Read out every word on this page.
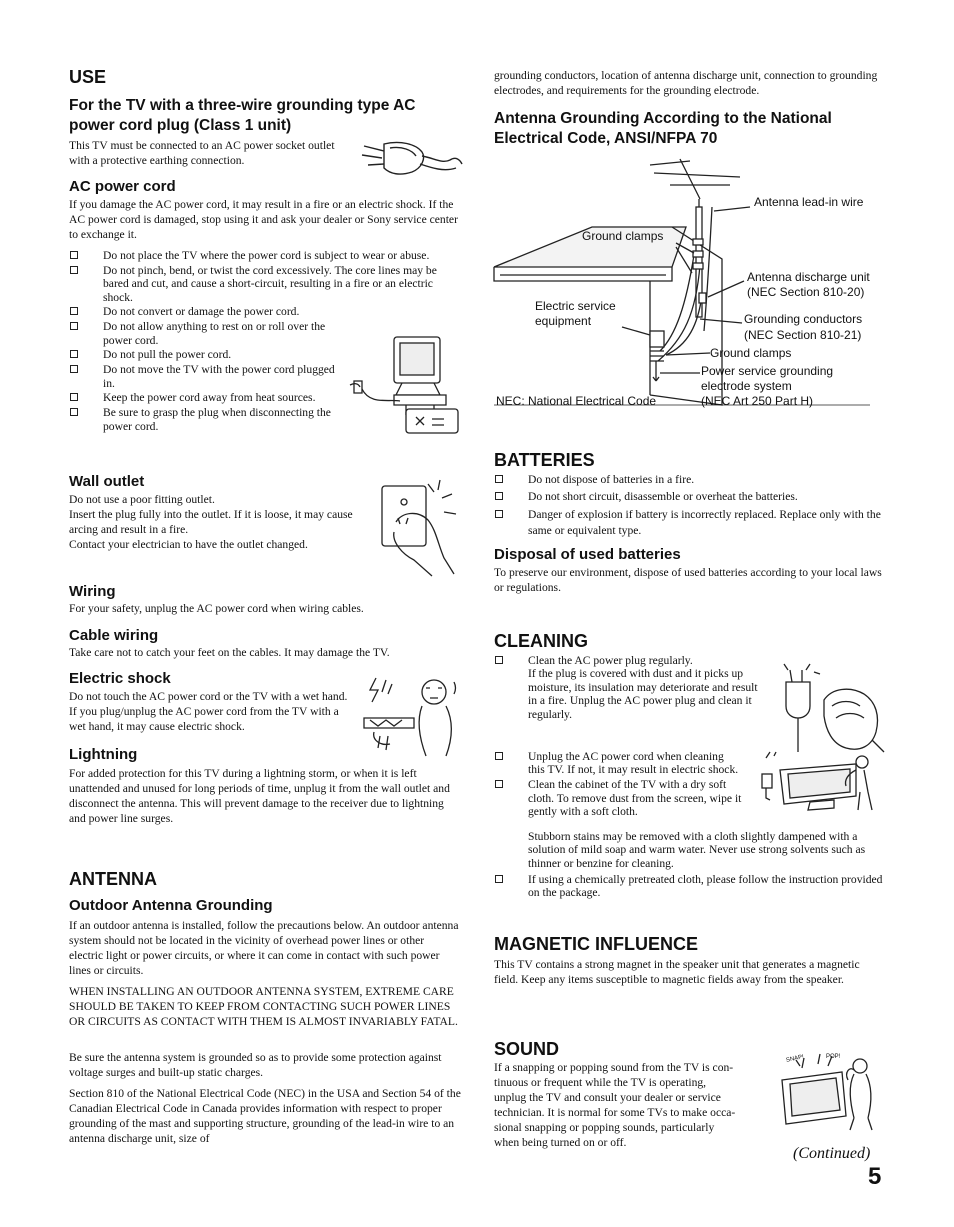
USE
For the TV with a three-wire grounding type AC power cord plug (Class 1 unit)

This TV must be connected to an AC power socket outlet with a protective earthing connection.

AC power cord

If you damage the AC power cord, it may result in a fire or an electric shock. If the AC power cord is damaged, stop using it and ask your dealer or Sony service center to exchange it.

Do not place the TV where the power cord is subject to wear or abuse.
Do not pinch, bend, or twist the cord excessively. The core lines may be bared and cut, and cause a short-circuit, resulting in a fire or an electric shock.
Do not convert or damage the power cord.
Do not allow anything to rest on or roll over the power cord.
Do not pull the power cord.
Do not move the TV with the power cord plugged in.
Keep the power cord away from heat sources.
Be sure to grasp the plug when disconnecting the power cord.
Wall outlet

Do not use a poor fitting outlet.

Insert the plug fully into the outlet. If it is loose, it may cause arcing and result in a fire.

Contact your electrician to have the outlet changed.

Wiring

For your safety, unplug the AC power cord when wiring cables.

Cable wiring

Take care not to catch your feet on the cables. It may damage the TV.

Electric shock

Do not touch the AC power cord or the TV with a wet hand. If you plug/unplug the AC power cord from the TV with a wet hand, it may cause electric shock.

Lightning

For added protection for this TV during a lightning storm, or when it is left unattended and unused for long periods of time, unplug it from the wall outlet and disconnect the antenna. This will prevent damage to the receiver due to lightning and power line surges.

ANTENNA
Outdoor Antenna Grounding

If an outdoor antenna is installed, follow the precautions below. An outdoor antenna system should not be located in the vicinity of overhead power lines or other electric light or power circuits, or where it can come in contact with such power lines or circuits.

WHEN INSTALLING AN OUTDOOR ANTENNA SYSTEM, EXTREME CARE SHOULD BE TAKEN TO KEEP FROM CONTACTING SUCH POWER LINES OR CIRCUITS AS CONTACT WITH THEM IS ALMOST INVARIABLY FATAL.

Be sure the antenna system is grounded so as to provide some protection against voltage surges and built-up static charges.

Section 810 of the National Electrical Code (NEC) in the USA and Section 54 of the Canadian Electrical Code in Canada provides information with respect to proper grounding of the mast and supporting structure, grounding of the lead-in wire to an antenna discharge unit, size of

grounding conductors, location of antenna discharge unit, connection to grounding electrodes, and requirements for the grounding electrode.

Antenna Grounding According to the National Electrical Code, ANSI/NFPA 70
Antenna lead-in wire
Ground clamps
Antenna discharge unit
(NEC Section 810-20)
Electric service
equipment	Grounding conductors
(NEC Section 810-21)
Ground clamps
Power service grounding
electrode system
(NEC Art 250 Part H)
NEC: National Electrical Code
BATTERIES
Do not dispose of batteries in a fire.
Do not short circuit, disassemble or overheat the batteries.
Danger of explosion if battery is incorrectly replaced. Replace only with the same or equivalent type.
Disposal of used batteries

To preserve our environment, dispose of used batteries according to your local laws or regulations.

CLEANING
Clean the AC power plug regularly.
If the plug is covered with dust and it picks up moisture, its insulation may deteriorate and result in a fire. Unplug the AC power plug and clean it regularly.
Unplug the AC power cord when cleaning this TV. If not, it may result in electric shock.
Clean the cabinet of the TV with a dry soft cloth. To remove dust from the screen, wipe it gently with a soft cloth.

Stubborn stains may be removed with a cloth slightly dampened with a solution of mild soap and warm water. Never use strong solvents such as thinner or benzine for cleaning.

If using a chemically pretreated cloth, please follow the instruction provided on the package.
MAGNETIC INFLUENCE

This TV contains a strong magnet in the speaker unit that generates a magnetic field. Keep any items susceptible to magnetic fields away from the speaker.

SOUND
If a snapping or popping sound from the TV is con-
tinuous or frequent while the TV is operating,
unplug the TV and consult your dealer or service
technician. It is normal for some TVs to make occa-
sional snapping or popping sounds, particularly
when being turned on or off.
SNAP!	POP!
(Continued)
5
